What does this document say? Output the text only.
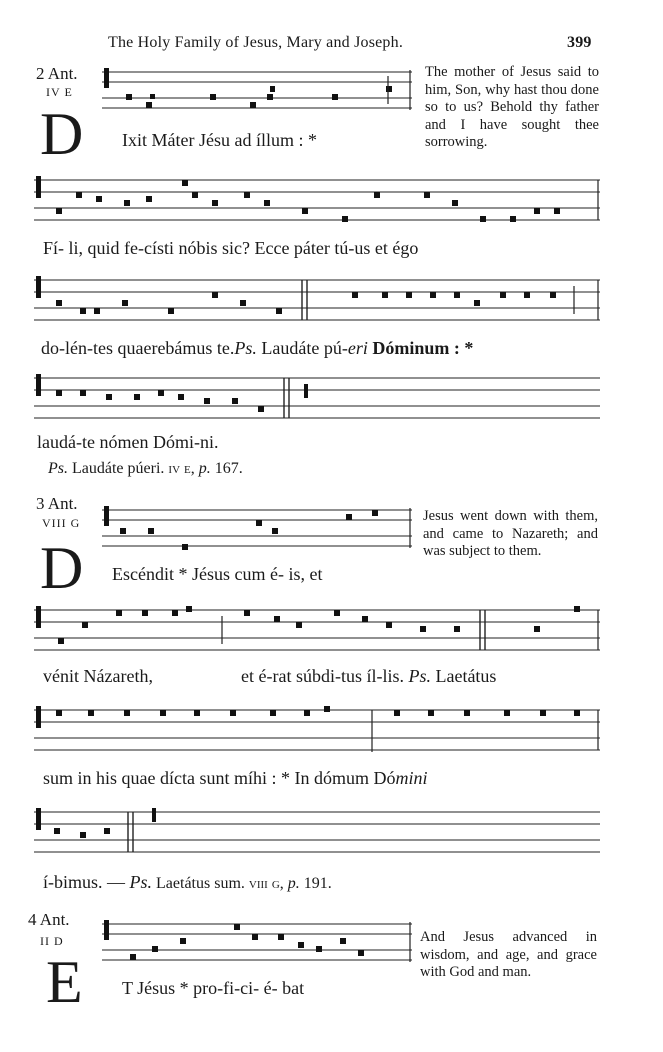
The Holy Family of Jesus, Mary and Joseph.	399
2 Ant.
IV E
D Ixit Máter Jésu ad íllum : *
The mother of Jesus said to him, Son, why hast thou done so to us? Behold thy father and I have sought thee sorrowing.
Fí- li, quid fe-císti nóbis sic? Ecce páter tú-us et égo
do-lén-tes quaerebámus te.Ps. Laudáte pú-eri Dóminum : *
laudá-te nómen Dómi-ni.
Ps. Laudáte púeri. iv e, p. 167.
3 Ant.
VIII G
D Escéndit * Jésus cum é- is, et
Jesus went down with them, and came to Nazareth; and was subject to them.
vénit Názareth,	et é-rat súbdi-tus íl-lis. Ps. Laetátus
sum in his quae dícta sunt míhi : * In dómum Dómini
í-bimus. — Ps. Laetátus sum. viii g, p. 191.
4 Ant.
II D
E T Jésus * pro-fi-ci- é- bat
And Jesus advanced in wisdom, and age, and grace with God and man.
